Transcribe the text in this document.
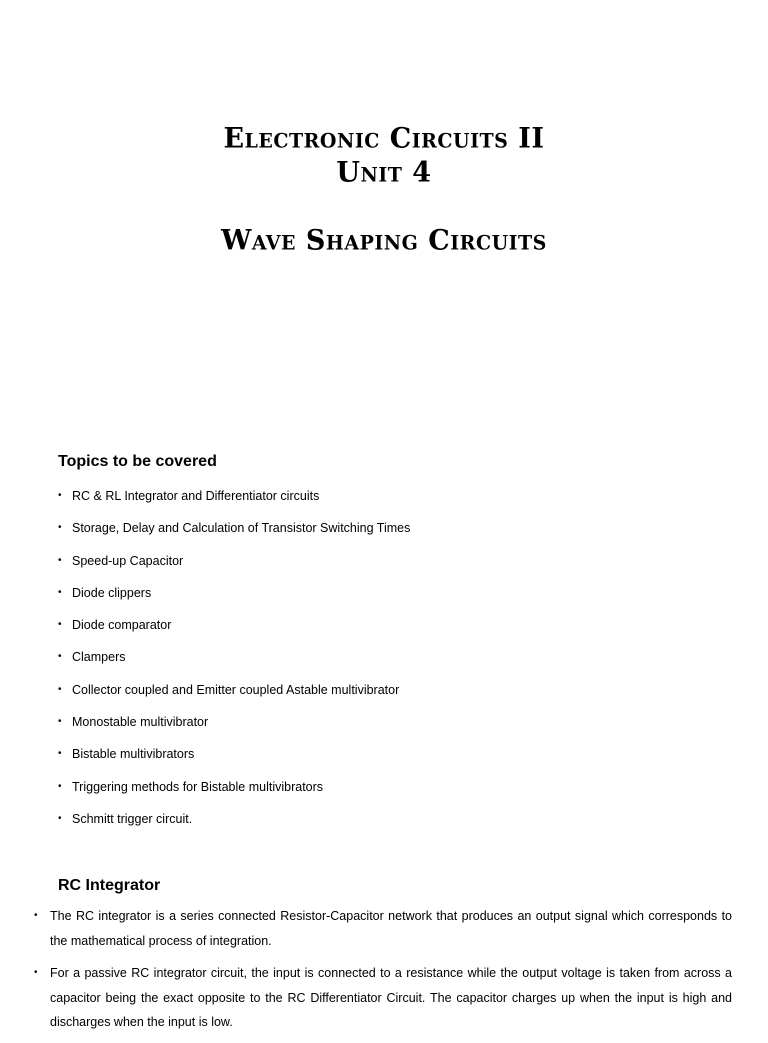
Electronic Circuits II
Unit 4
Wave Shaping Circuits
Topics to be covered
• RC & RL Integrator and Differentiator circuits
• Storage, Delay and Calculation of Transistor Switching Times
• Speed-up Capacitor
• Diode clippers
• Diode comparator
• Clampers
• Collector coupled and Emitter coupled Astable multivibrator
• Monostable multivibrator
• Bistable multivibrators
• Triggering methods for Bistable multivibrators
• Schmitt trigger circuit.
RC Integrator
• The RC integrator is a series connected Resistor-Capacitor network that produces an output signal which corresponds to the mathematical process of integration.
• For a passive RC integrator circuit, the input is connected to a resistance while the output voltage is taken from across a capacitor being the exact opposite to the RC Differentiator Circuit. The capacitor charges up when the input is high and discharges when the input is low.
